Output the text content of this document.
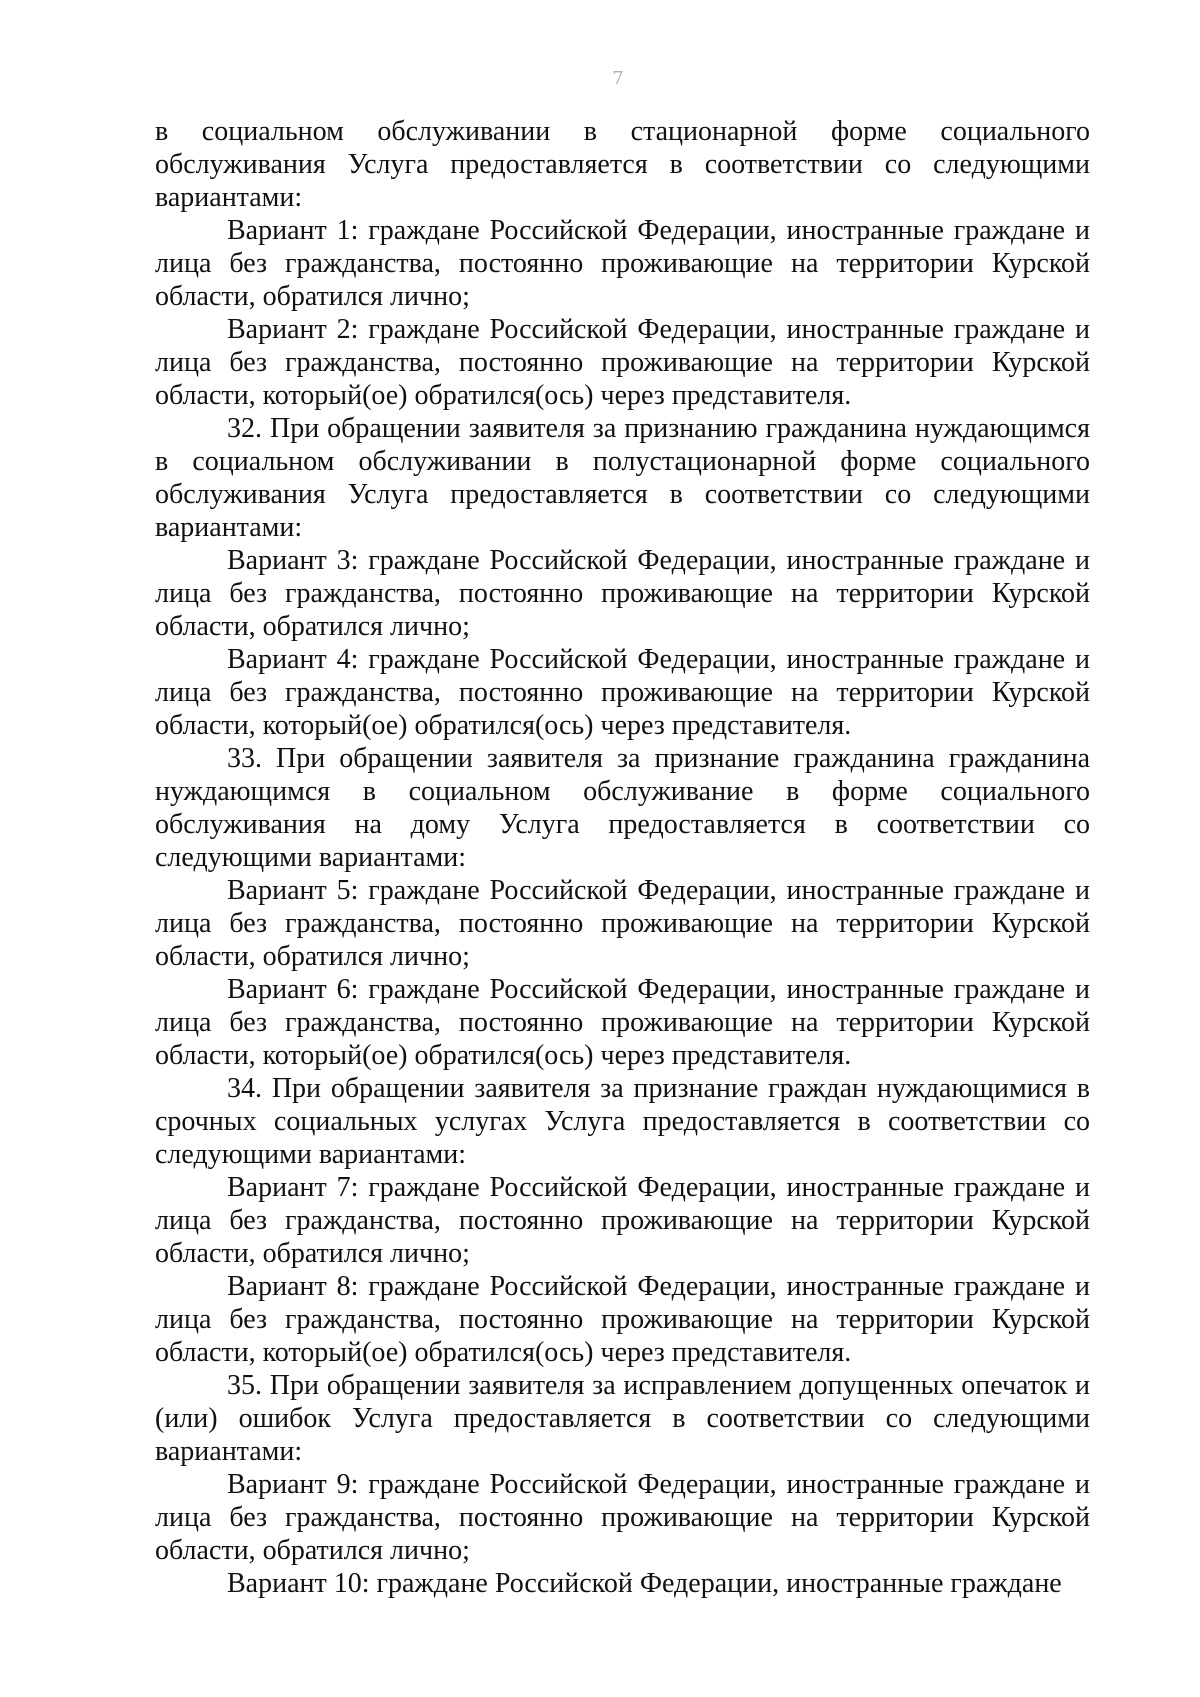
7

в социальном обслуживании в стационарной форме социального обслуживания Услуга предоставляется в соответствии со следующими вариантами:

Вариант 1: граждане Российской Федерации, иностранные граждане и лица без гражданства, постоянно проживающие на территории Курской области, обратился лично;

Вариант 2: граждане Российской Федерации, иностранные граждане и лица без гражданства, постоянно проживающие на территории Курской области, который(ое) обратился(ось) через представителя.

32. При обращении заявителя за признанию гражданина нуждающимся в социальном обслуживании в полустационарной форме социального обслуживания Услуга предоставляется в соответствии со следующими вариантами:

Вариант 3: граждане Российской Федерации, иностранные граждане и лица без гражданства, постоянно проживающие на территории Курской области, обратился лично;

Вариант 4: граждане Российской Федерации, иностранные граждане и лица без гражданства, постоянно проживающие на территории Курской области, который(ое) обратился(ось) через представителя.

33. При обращении заявителя за признание гражданина гражданина нуждающимся в социальном обслуживание в форме социального обслуживания на дому Услуга предоставляется в соответствии со следующими вариантами:

Вариант 5: граждане Российской Федерации, иностранные граждане и лица без гражданства, постоянно проживающие на территории Курской области, обратился лично;

Вариант 6: граждане Российской Федерации, иностранные граждане и лица без гражданства, постоянно проживающие на территории Курской области, который(ое) обратился(ось) через представителя.

34. При обращении заявителя за признание граждан нуждающимися в срочных социальных услугах Услуга предоставляется в соответствии со следующими вариантами:

Вариант 7: граждане Российской Федерации, иностранные граждане и лица без гражданства, постоянно проживающие на территории Курской области, обратился лично;

Вариант 8: граждане Российской Федерации, иностранные граждане и лица без гражданства, постоянно проживающие на территории Курской области, который(ое) обратился(ось) через представителя.

35. При обращении заявителя за исправлением допущенных опечаток и (или) ошибок Услуга предоставляется в соответствии со следующими вариантами:

Вариант 9: граждане Российской Федерации, иностранные граждане и лица без гражданства, постоянно проживающие на территории Курской области, обратился лично;

Вариант 10: граждане Российской Федерации, иностранные граждане
